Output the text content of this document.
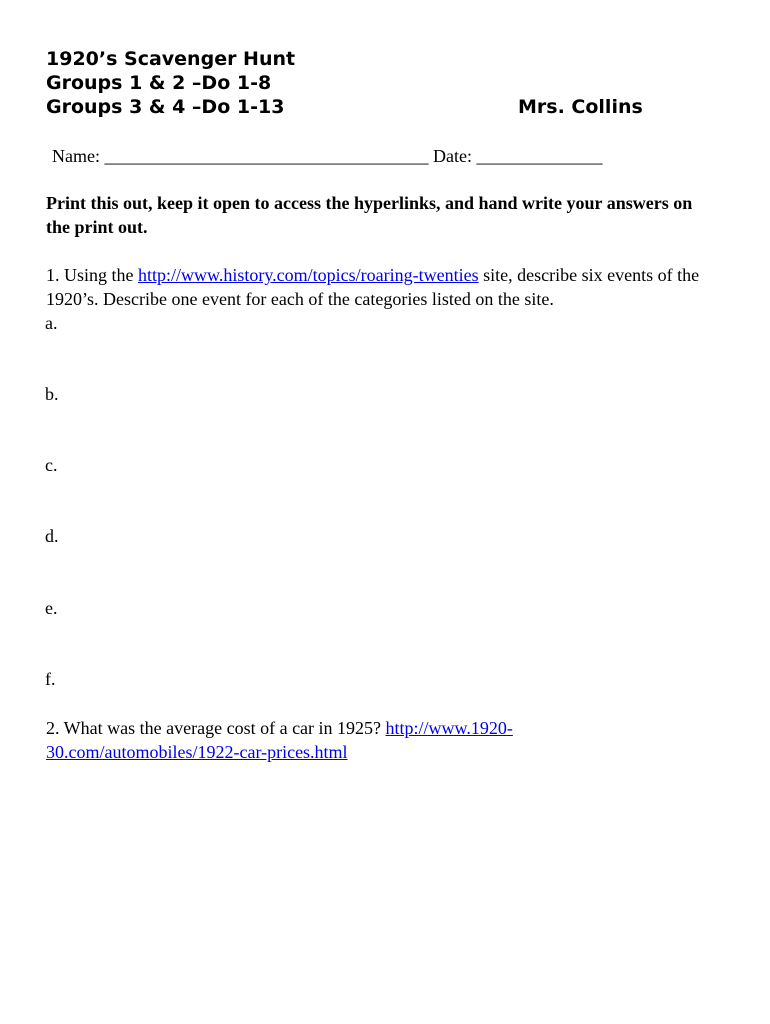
1920’s Scavenger Hunt
Groups 1 & 2 –Do 1-8
Groups 3 & 4 –Do 1-13	Mrs. Collins
Name: ____________________________________ Date: ______________
Print this out, keep it open to access the hyperlinks, and hand write your answers on the print out.
1. Using the http://www.history.com/topics/roaring-twenties site, describe six events of the 1920’s. Describe one event for each of the categories listed on the site.
a.
b.
c.
d.
e.
f.
2. What was the average cost of a car in 1925? http://www.1920-30.com/automobiles/1922-car-prices.html
